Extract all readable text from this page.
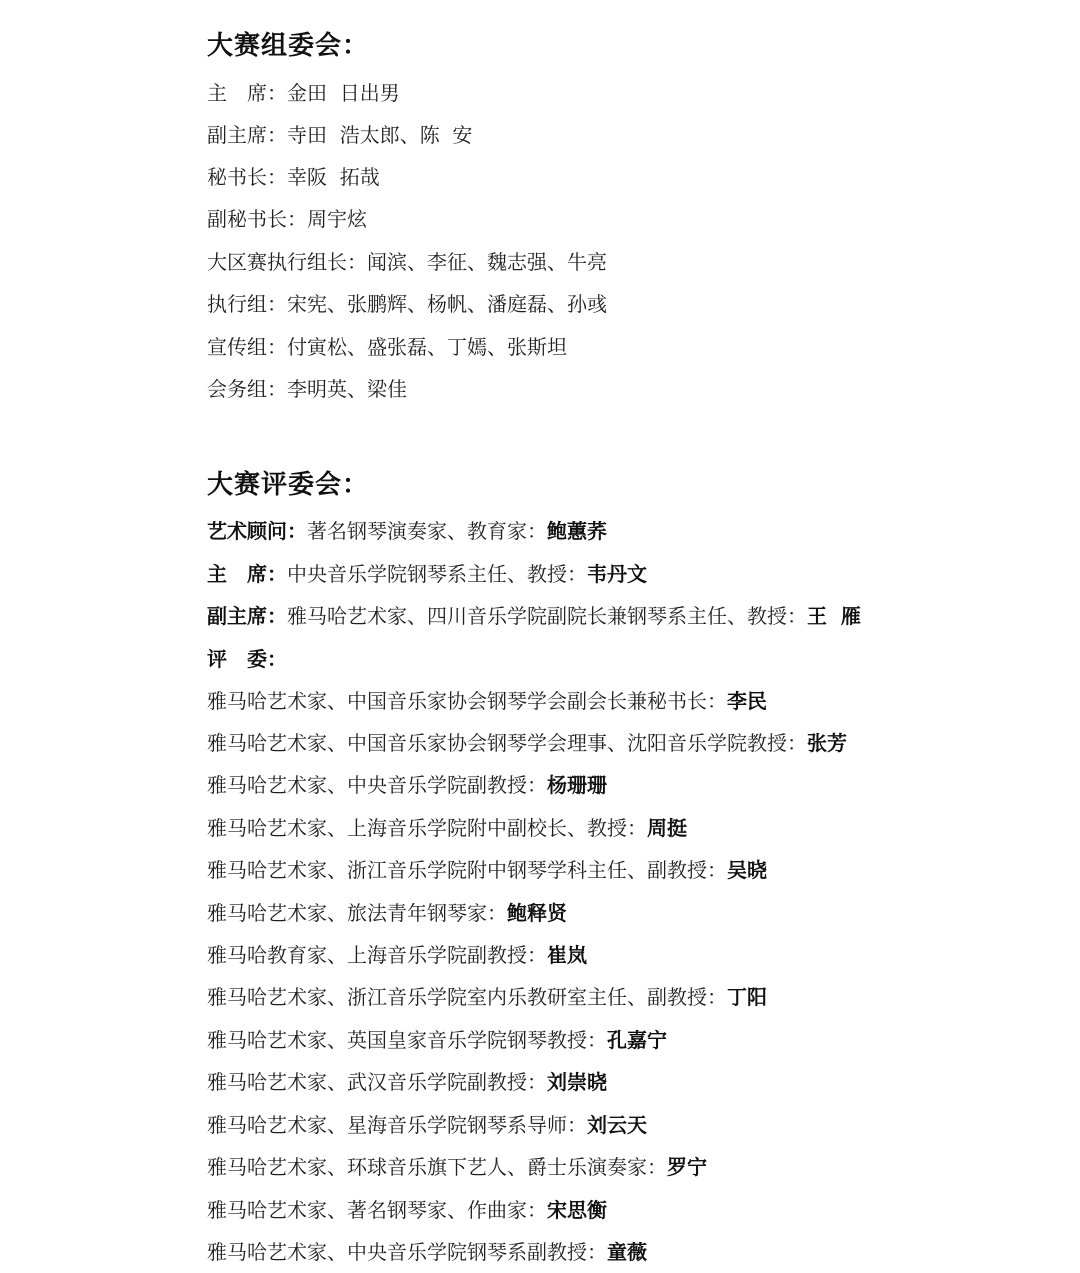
大赛组委会：
主　席：金田  日出男
副主席：寺田  浩太郎、陈  安
秘书长：幸阪  拓哉
副秘书长：周宇炫
大区赛执行组长：闻滨、李征、魏志强、牛亮
执行组：宋宪、张鹏辉、杨帆、潘庭磊、孙彧
宣传组：付寅松、盛张磊、丁嫣、张斯坦
会务组：李明英、梁佳
大赛评委会：
艺术顾问：著名钢琴演奏家、教育家：鲍蕙荞
主　席：中央音乐学院钢琴系主任、教授：韦丹文
副主席：雅马哈艺术家、四川音乐学院副院长兼钢琴系主任、教授：王  雁
评　委：
雅马哈艺术家、中国音乐家协会钢琴学会副会长兼秘书长：李民
雅马哈艺术家、中国音乐家协会钢琴学会理事、沈阳音乐学院教授：张芳
雅马哈艺术家、中央音乐学院副教授：杨珊珊
雅马哈艺术家、上海音乐学院附中副校长、教授：周挺
雅马哈艺术家、浙江音乐学院附中钢琴学科主任、副教授：吴晓
雅马哈艺术家、旅法青年钢琴家：鲍释贤
雅马哈教育家、上海音乐学院副教授：崔岚
雅马哈艺术家、浙江音乐学院室内乐教研室主任、副教授：丁阳
雅马哈艺术家、英国皇家音乐学院钢琴教授：孔嘉宁
雅马哈艺术家、武汉音乐学院副教授：刘崇晓
雅马哈艺术家、星海音乐学院钢琴系导师：刘云天
雅马哈艺术家、环球音乐旗下艺人、爵士乐演奏家：罗宁
雅马哈艺术家、著名钢琴家、作曲家：宋思衡
雅马哈艺术家、中央音乐学院钢琴系副教授：童薇
